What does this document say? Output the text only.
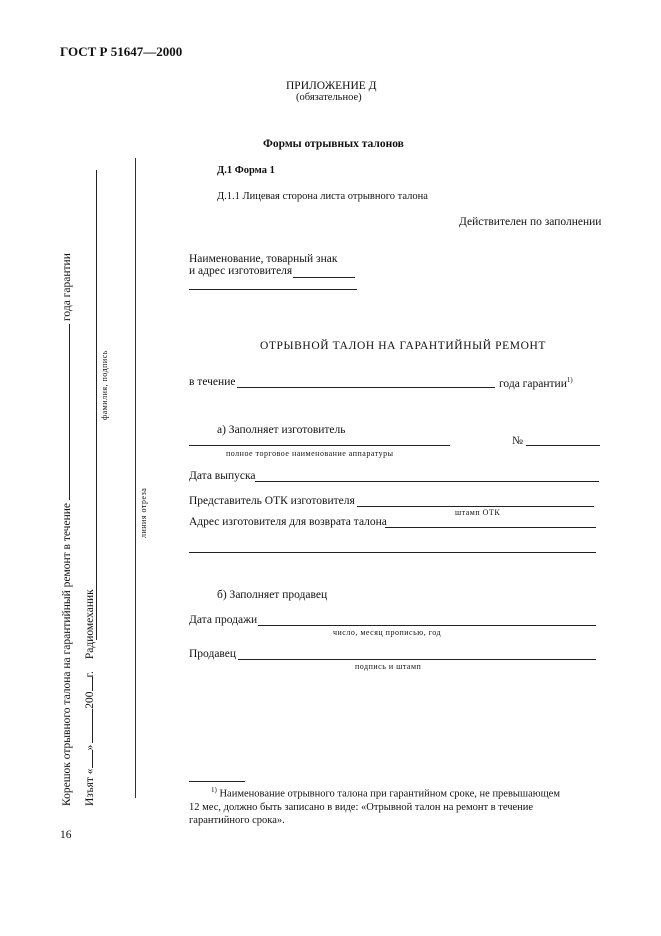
ГОСТ Р 51647—2000
ПРИЛОЖЕНИЕ Д
(обязательное)
Формы отрывных талонов
Корешок отрывного талона на гарантийный ремонт в течениегода гарантии
Изъят «»200г.Радиомеханик
фамилия, подпись
линия отреза
Д.1 Форма 1
Д.1.1 Лицевая сторона листа отрывного талона
Действителен по заполнении
Наименование, товарный знак
и адрес изготовителя
ОТРЫВНОЙ ТАЛОН НА ГАРАНТИЙНЫЙ РЕМОНТ
в течение	года гарантии$^{1)}$
а) Заполняет изготовитель
№
полное торговое наименование аппаратуры
Дата выпуска
Представитель ОТК изготовителя
штамп ОТК
Адрес изготовителя для возврата талона
б) Заполняет продавец
Дата продажи
число, месяц прописью, год
Продавец
подпись и штамп
$^{1)}$ Наименование отрывного талона при гарантийном сроке, не превышающем
12 мес, должно быть записано в виде: «Отрывной талон на ремонт в течение
гарантийного срока».
16
